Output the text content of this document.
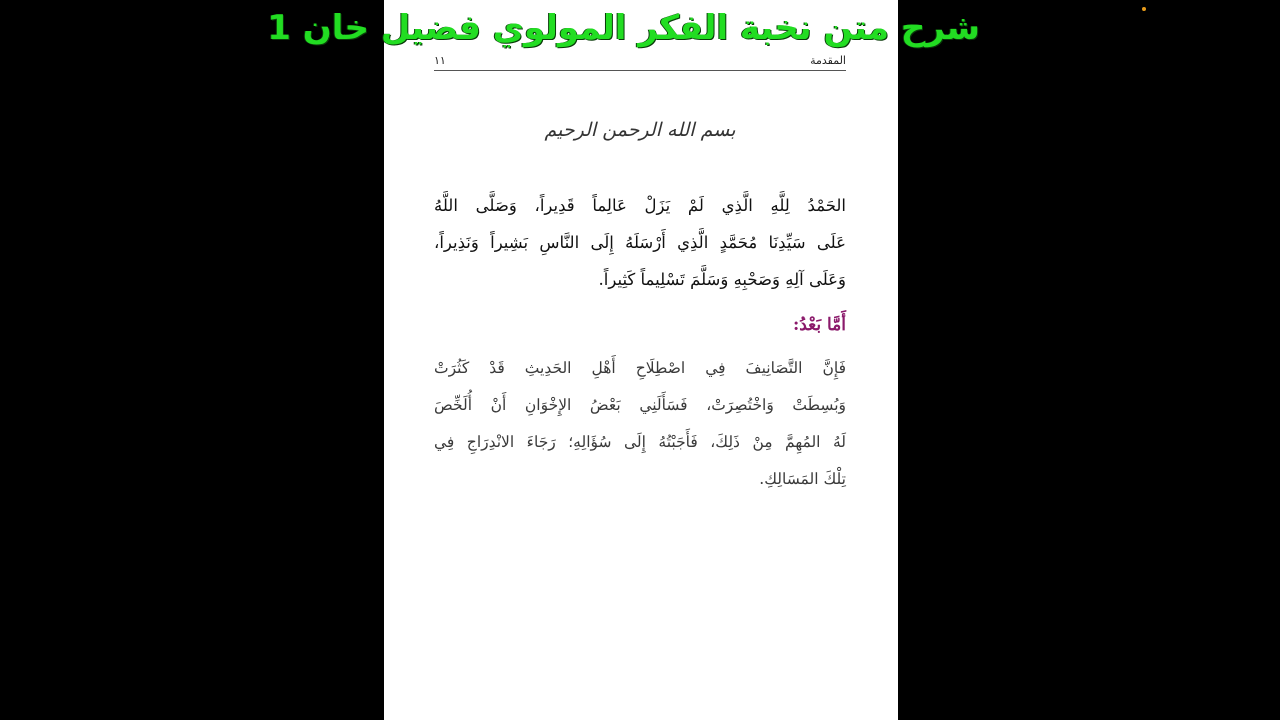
شرح متن نخبة الفكر المولوي فضيل خان 1
المقدمة
١١
بسم الله الرحمن الرحيم
الحَمْدُ لِلَّهِ الَّذِي لَمْ يَزَلْ عَالِماً قَدِيراً، وَصَلَّى اللَّهُ
عَلَى سَيِّدِنَا مُحَمَّدٍ الَّذِي أَرْسَلَهُ إِلَى النَّاسِ بَشِيراً وَنَذِيراً،
وَعَلَى آلِهِ وَصَحْبِهِ وَسَلَّمَ تَسْلِيماً كَثِيراً.
أَمَّا بَعْدُ:
فَإِنَّ التَّصَانِيفَ فِي اصْطِلَاحِ أَهْلِ الحَدِيثِ قَدْ كَثُرَتْ
وَبُسِطَتْ وَاخْتُصِرَتْ، فَسَأَلَنِي بَعْضُ الإِخْوَانِ أَنْ أُلَخِّصَ
لَهُ المُهِمَّ مِنْ ذَلِكَ، فَأَجَبْتُهُ إِلَى سُؤَالِهِ؛ رَجَاءَ الانْدِرَاجِ فِي
تِلْكَ المَسَالِكِ.
